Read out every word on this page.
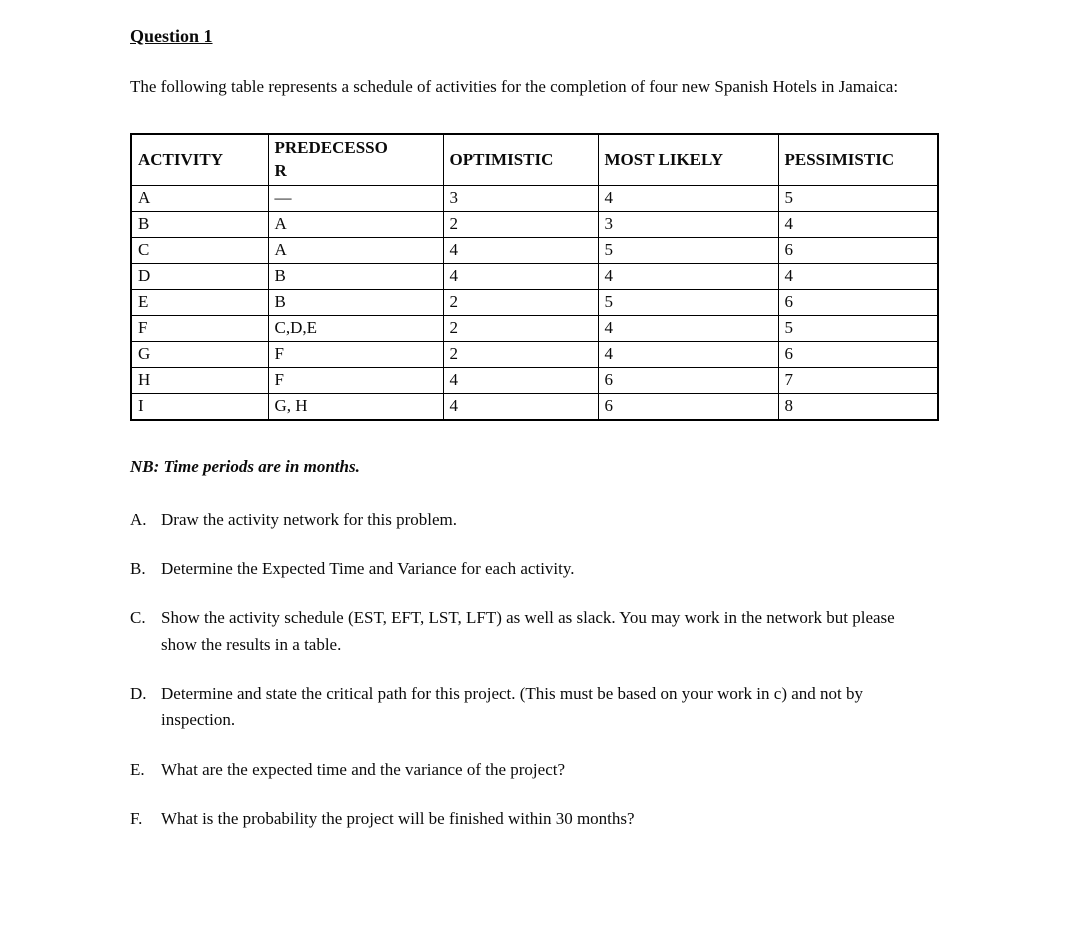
Question 1

The following table represents a schedule of activities for the completion of four new Spanish Hotels in Jamaica:

ACTIVITY	PREDECESSOR	OPTIMISTIC	MOST LIKELY	PESSIMISTIC
A	—	3	4	5
B	A	2	3	4
C	A	4	5	6
D	B	4	4	4
E	B	2	5	6
F	C,D,E	2	4	5
G	F	2	4	6
H	F	4	6	7
I	G, H	4	6	8

NB: Time periods are in months.

A. Draw the activity network for this problem.
B. Determine the Expected Time and Variance for each activity.
C. Show the activity schedule (EST, EFT, LST, LFT) as well as slack. You may work in the network but please show the results in a table.
D. Determine and state the critical path for this project. (This must be based on your work in c) and not by inspection.
E. What are the expected time and the variance of the project?
F.	What is the probability the project will be finished within 30 months?
